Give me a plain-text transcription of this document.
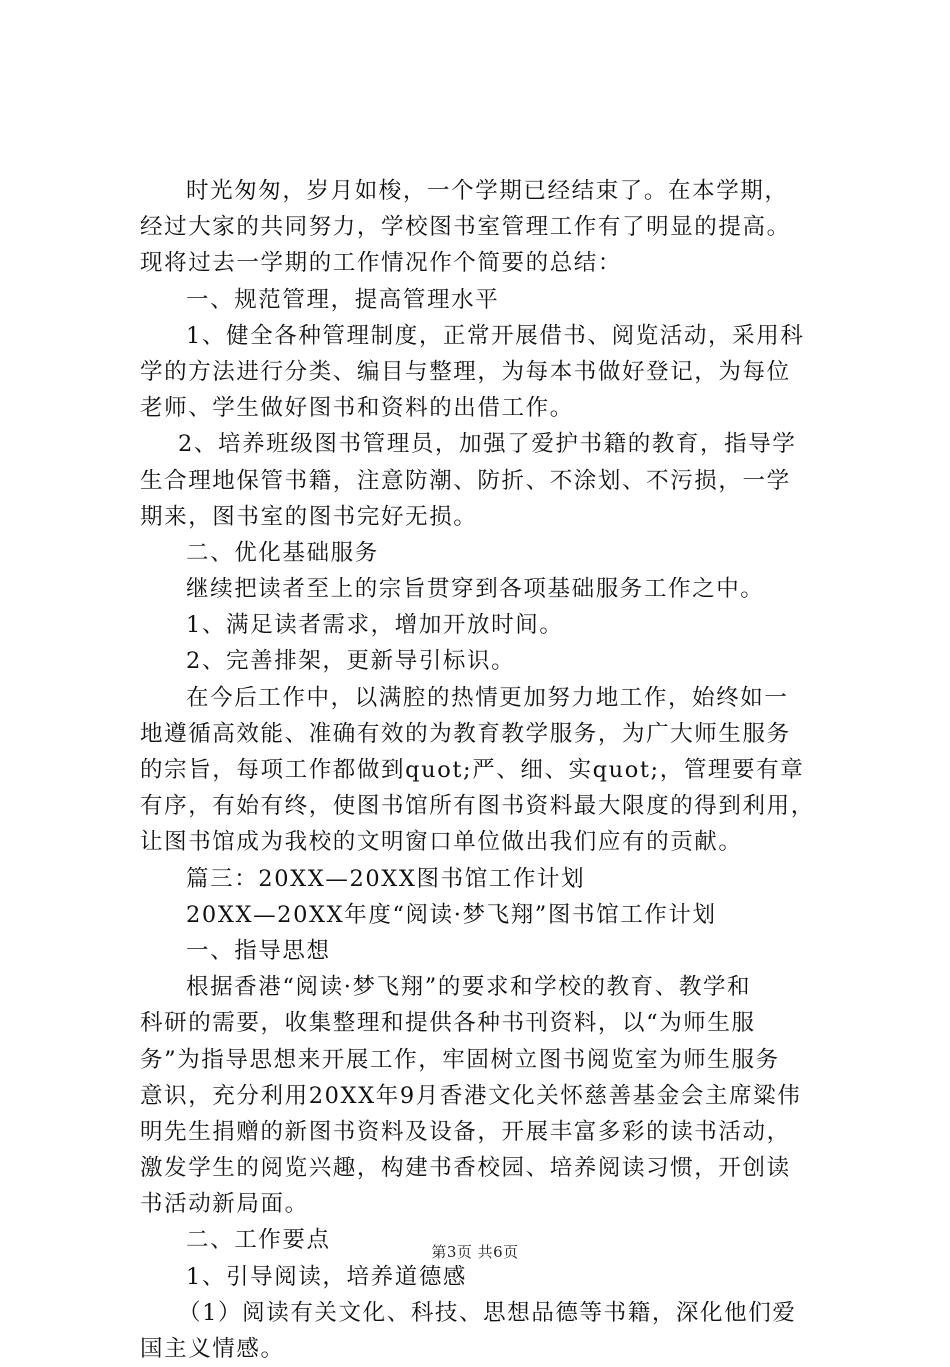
时光匆匆，岁月如梭，一个学期已经结束了。在本学期，
经过大家的共同努力，学校图书室管理工作有了明显的提高。
现将过去一学期的工作情况作个简要的总结：
一、规范管理，提高管理水平
1、健全各种管理制度，正常开展借书、阅览活动，采用科
学的方法进行分类、编目与整理，为每本书做好登记，为每位
老师、学生做好图书和资料的出借工作。
2、培养班级图书管理员，加强了爱护书籍的教育，指导学
生合理地保管书籍，注意防潮、防折、不涂划、不污损，一学
期来，图书室的图书完好无损。
二、优化基础服务
继续把读者至上的宗旨贯穿到各项基础服务工作之中。
1、满足读者需求，增加开放时间。
2、完善排架，更新导引标识。
在今后工作中，以满腔的热情更加努力地工作，始终如一
地遵循高效能、准确有效的为教育教学服务，为广大师生服务
的宗旨，每项工作都做到quot;严、细、实quot;，管理要有章
有序，有始有终，使图书馆所有图书资料最大限度的得到利用，
让图书馆成为我校的文明窗口单位做出我们应有的贡献。
篇三：20XX—20XX图书馆工作计划
20XX—20XX年度“阅读·梦飞翔”图书馆工作计划
一、指导思想
根据香港“阅读·梦飞翔”的要求和学校的教育、教学和
科研的需要，收集整理和提供各种书刊资料，以“为师生服
务”为指导思想来开展工作，牢固树立图书阅览室为师生服务
意识，充分利用20XX年9月香港文化关怀慈善基金会主席粱伟
明先生捐赠的新图书资料及设备，开展丰富多彩的读书活动，
激发学生的阅览兴趣，构建书香校园、培养阅读习惯，开创读
书活动新局面。
二、工作要点
1、引导阅读，培养道德感
（1）阅读有关文化、科技、思想品德等书籍，深化他们爱
国主义情感。
第3页 共6页
